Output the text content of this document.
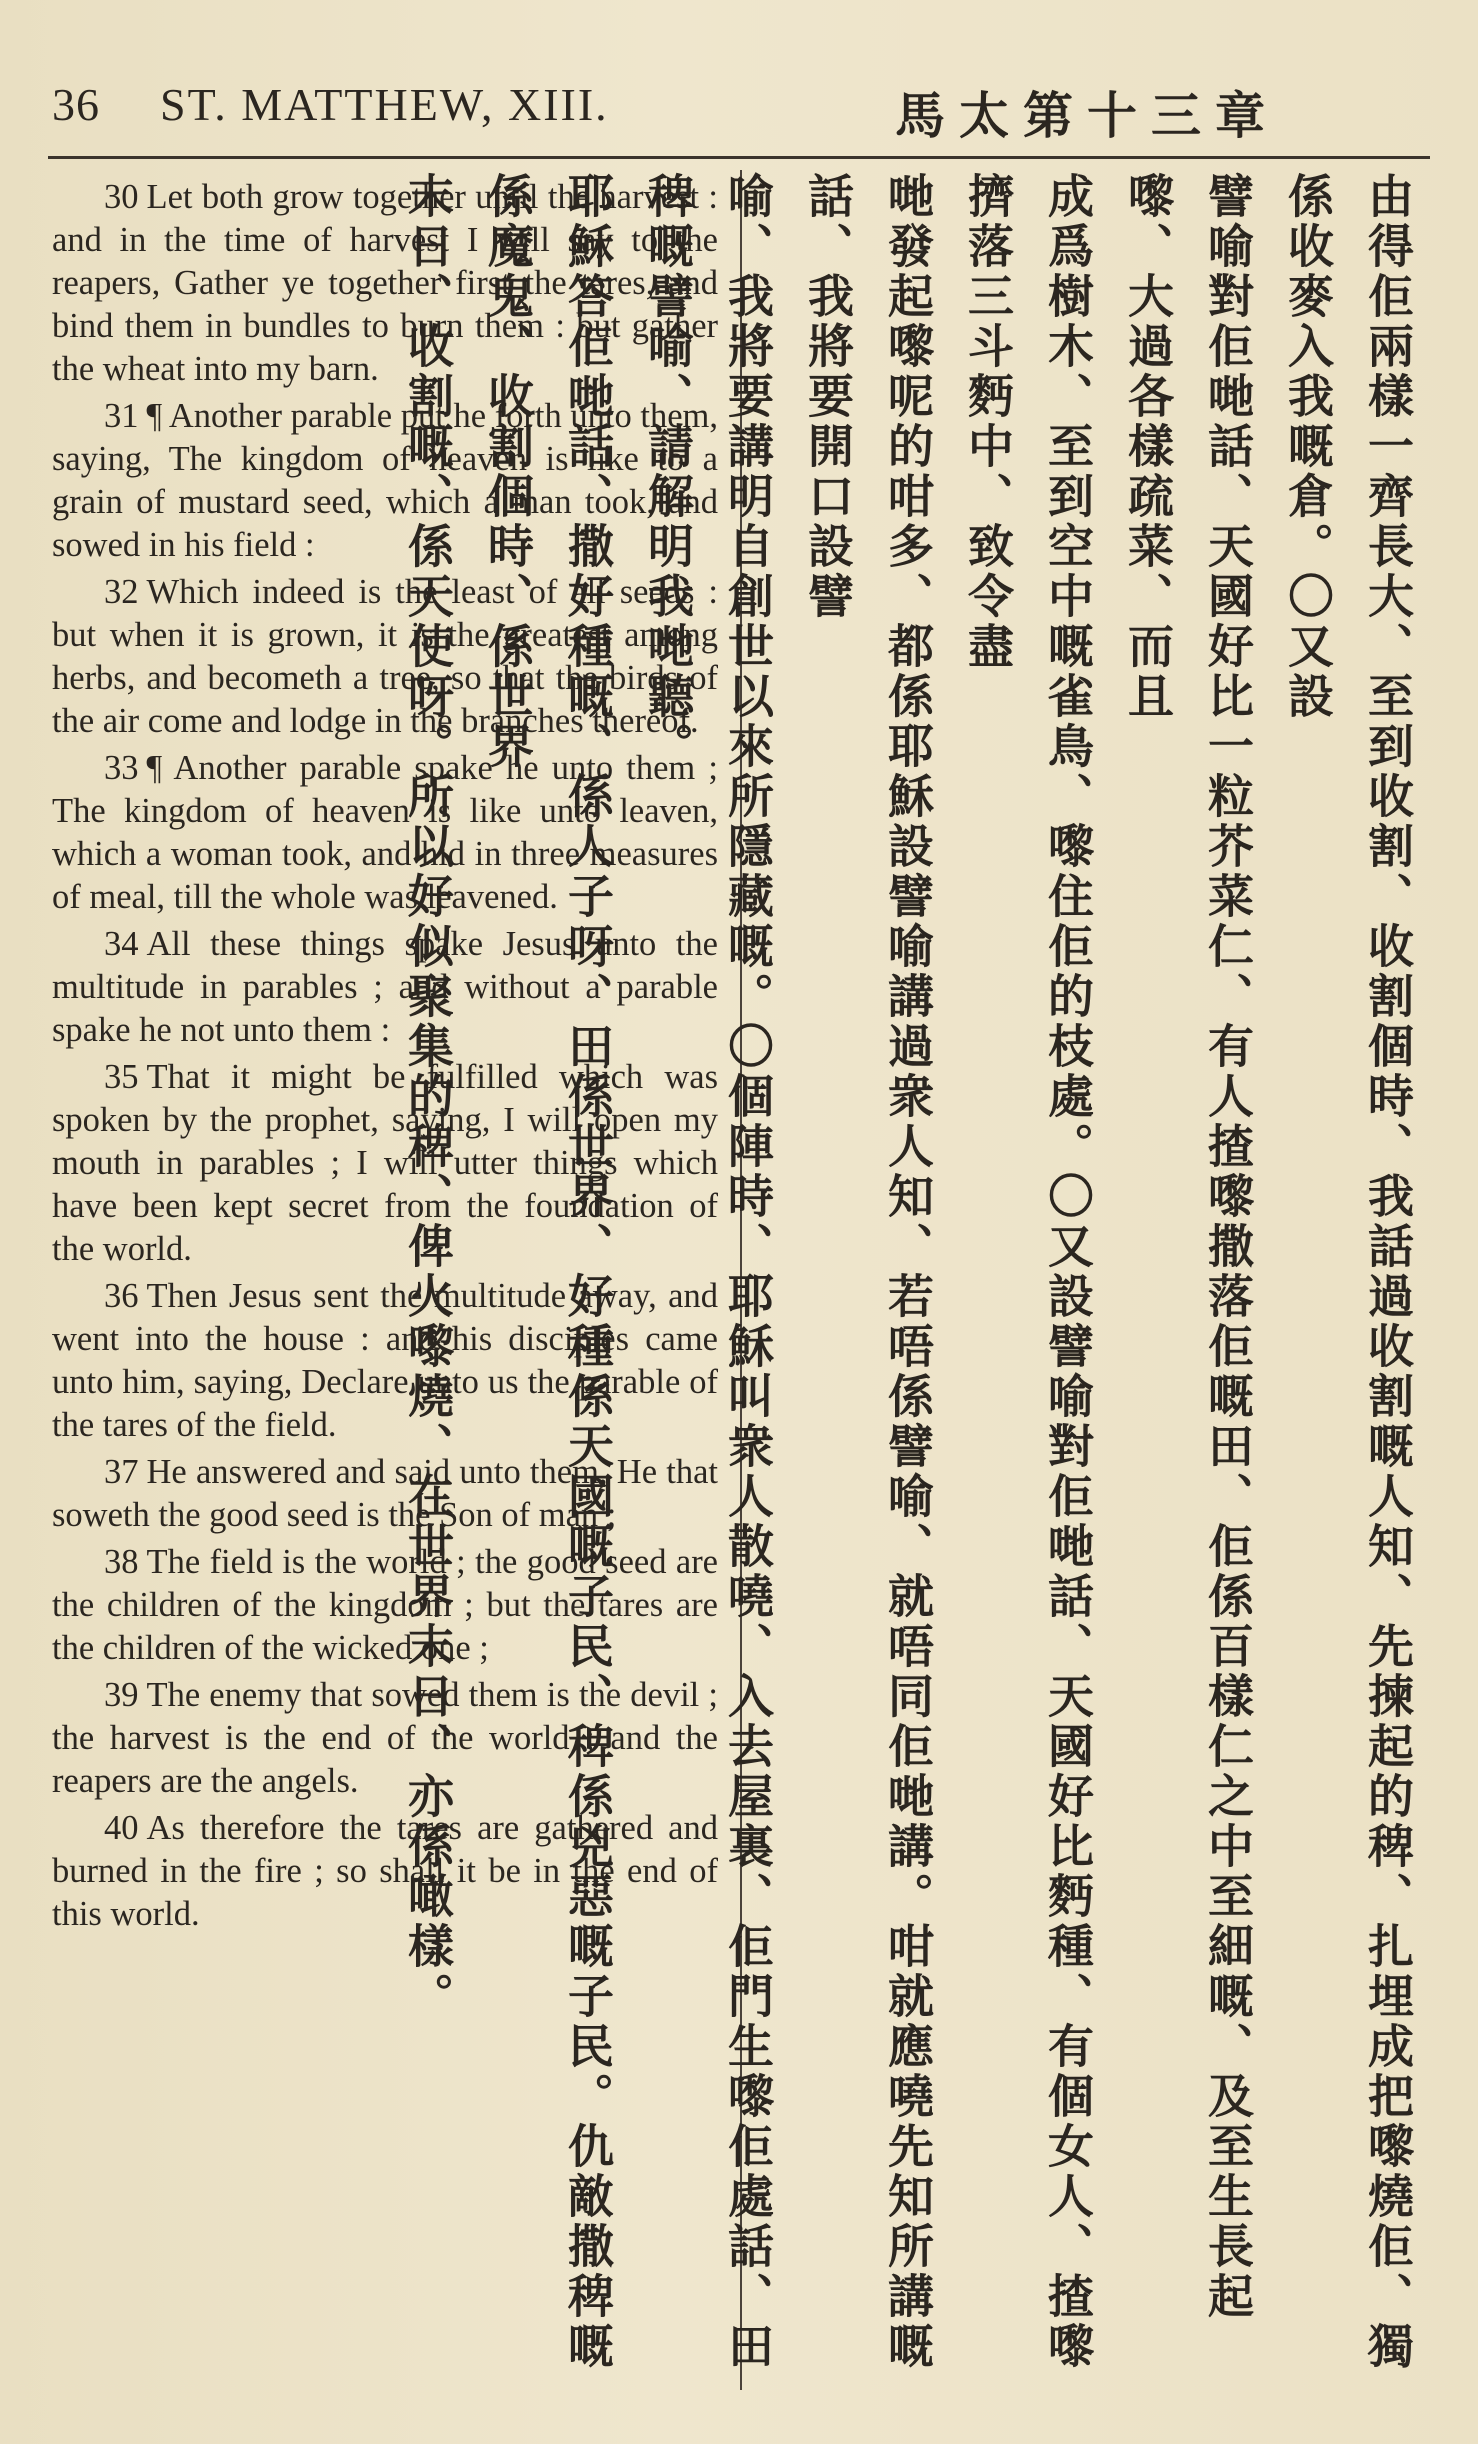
36 ST. MATTHEW, XIII.	馬太第十三章

30 Let both grow together until the harvest : and in the time of harvest I will say to the reapers, Gather ye together first the tares, and bind them in bundles to burn them : but gather the wheat into my barn.

31 ¶ Another parable put he forth unto them, saying, The kingdom of heaven is like to a grain of mustard seed, which a man took, and sowed in his field :

32 Which indeed is the least of all seeds : but when it is grown, it is the greatest among herbs, and becometh a tree, so that the birds of the air come and lodge in the branches thereof.

33 ¶ Another parable spake he unto them ; The kingdom of heaven is like unto leaven, which a woman took, and hid in three measures of meal, till the whole was leavened.

34 All these things spake Jesus unto the multitude in parables ; and without a parable spake he not unto them :

35 That it might be fulfilled which was spoken by the prophet, saying, I will open my mouth in parables ; I will utter things which have been kept secret from the foundation of the world.

36 Then Jesus sent the multitude away, and went into the house : and his disciples came unto him, saying, Declare unto us the parable of the tares of the field.

37 He answered and said unto them, He that soweth the good seed is the Son of man ;

38 The field is the world ; the good seed are the children of the kingdom ; but the tares are the children of the wicked one ;

39 The enemy that sowed them is the devil ; the harvest is the end of the world ; and the reapers are the angels.

40 As therefore the tares are gathered and burned in the fire ; so shall it be in the end of this world.	由得佢兩樣一齊長大、至到收割、收割個時、我話過收割嘅人知、先揀起的稗、扎埋成把嚟燒佢、獨係收麥入我嘅倉。〇又設

譬喻對佢哋話、天國好比一粒芥菜仁、有人揸嚟撒落佢嘅田、佢係百樣仁之中至細嘅、及至生長起嚟、大過各樣疏菜、而且

成爲樹木、至到空中嘅雀鳥、嚟住佢的枝處。〇又設譬喻對佢哋話、天國好比麪種、有個女人、揸嚟擠落三斗麪中、致令盡

哋發起嚟呢的咁多、都係耶穌設譬喻講過衆人知、若唔係譬喻、就唔同佢哋講。咁就應嘵先知所講嘅話、我將要開口設譬

喻、我將要講明自創世以來所隱藏嘅。〇個陣時、耶穌叫衆人散嘵、入去屋裏、佢門生嚟佢處話、田稗嘅譬喻、請解明我哋聽。

耶穌答佢哋話、撒好種嘅、係人子呀、田係世界、好種係天國嘅子民、稗係兇惡嘅子民。仇敵撒稗嘅係魔鬼、收割個時、係世界

末日、收割嘅、係天使呀。所以好似聚集的稗、俾火嚟燒、在世界末日、亦係噉樣。
